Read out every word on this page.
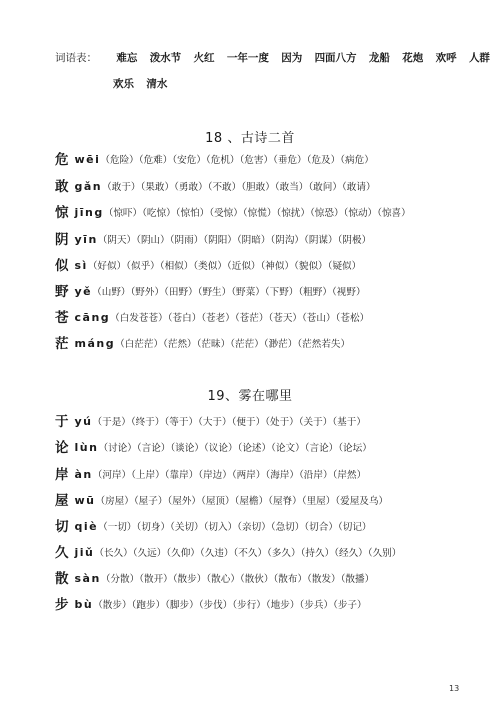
词语表： 难忘 泼水节 火红 一年一度 因为 四面八方 龙船 花炮 欢呼 人群
欢乐 清水
18 、古诗二首
危 wēi（危险）（危难）（安危）（危机）（危害）（垂危）（危及）（病危）
敢 gǎn（敢于）（果敢）（勇敢）（不敢）（胆敢）（敢当）（敢问）（敢请）
惊 jīng（惊吓）（吃惊）（惊怕）（受惊）（惊慌）（惊扰）（惊恐）（惊动）（惊喜）
阴 yīn（阴天）（阴山）（阴雨）（阴阳）（阴暗）（阴沟）（阴谋）（阴极）
似 sì（好似）（似乎）（相似）（类似）（近似）（神似）（貌似）（疑似）
野 yě（山野）（野外）（田野）（野生）（野菜）（下野）（粗野）（视野）
苍 cāng（白发苍苍）（苍白）（苍老）（苍茫）（苍天）（苍山）（苍松）
茫 máng（白茫茫）（茫然）（茫昧）（茫茫）（渺茫）（茫然若失）
19、雾在哪里
于 yú（于是）（终于）（等于）（大于）（便于）（处于）（关于）（基于）
论 lùn（讨论）（言论）（谈论）（议论）（论述）（论文）（言论）（论坛）
岸 àn（河岸）（上岸）（靠岸）（岸边）（两岸）（海岸）（沿岸）（岸然）
屋 wū（房屋）（屋子）（屋外）（屋顶）（屋檐）（屋脊）（里屋）（爱屋及乌）
切 qiè（一切）（切身）（关切）（切入）（亲切）（急切）（切合）（切记）
久 jiǔ（长久）（久远）（久仰）（久违）（不久）（多久）（持久）（经久）（久别）
散 sàn（分散）（散开）（散步）（散心）（散伙）（散布）（散发）（散播）
步 bù（散步）（跑步）（脚步）（步伐）（步行）（地步）（步兵）（步子）
13
